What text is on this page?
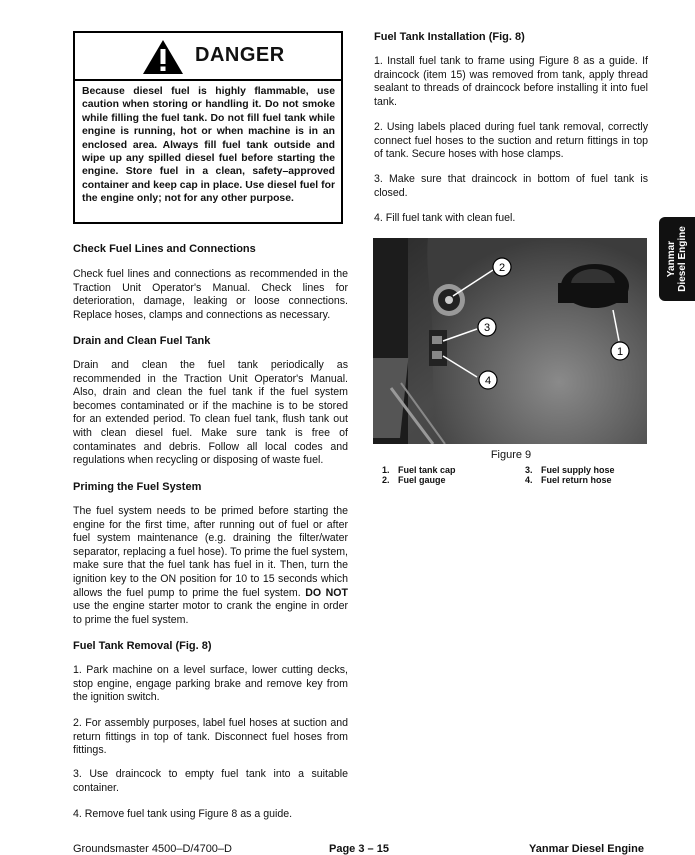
DANGER
Because diesel fuel is highly flammable, use caution when storing or handling it. Do not smoke while filling the fuel tank. Do not fill fuel tank while engine is running, hot or when machine is in an enclosed area. Always fill fuel tank outside and wipe up any spilled diesel fuel before starting the engine. Store fuel in a clean, safety–approved container and keep cap in place. Use diesel fuel for the engine only; not for any other purpose.
Check Fuel Lines and Connections

Check fuel lines and connections as recommended in the Traction Unit Operator's Manual. Check lines for deterioration, damage, leaking or loose connections. Replace hoses, clamps and connections as necessary.

Drain and Clean Fuel Tank

Drain and clean the fuel tank periodically as recommended in the Traction Unit Operator's Manual. Also, drain and clean the fuel tank if the fuel system becomes contaminated or if the machine is to be stored for an extended period. To clean fuel tank, flush tank out with clean diesel fuel. Make sure tank is free of contaminates and debris. Follow all local codes and regulations when recycling or disposing of waste fuel.

Priming the Fuel System

The fuel system needs to be primed before starting the engine for the first time, after running out of fuel or after fuel system maintenance (e.g. draining the filter/water separator, replacing a fuel hose). To prime the fuel system, make sure that the fuel tank has fuel in it. Then, turn the ignition key to the ON position for 10 to 15 seconds which allows the fuel pump to prime the fuel system. DO NOT use the engine starter motor to crank the engine in order to prime the fuel system.

Fuel Tank Removal (Fig. 8)

1. Park machine on a level surface, lower cutting decks, stop engine, engage parking brake and remove key from the ignition switch.

2. For assembly purposes, label fuel hoses at suction and return fittings in top of tank. Disconnect fuel hoses from fittings.

3. Use draincock to empty fuel tank into a suitable container.

4. Remove fuel tank using Figure 8 as a guide.

Fuel Tank Installation (Fig. 8)

1. Install fuel tank to frame using Figure 8 as a guide. If draincock (item 15) was removed from tank, apply thread sealant to threads of draincock before installing it into fuel tank.

2. Using labels placed during fuel tank removal, correctly connect fuel hoses to the suction and return fittings in top of tank. Secure hoses with hose clamps.

3. Make sure that draincock in bottom of fuel tank is closed.

4. Fill fuel tank with clean fuel.

2
3
4
1
Figure 9
1. Fuel tank cap
2. Fuel gauge
3. Fuel supply hose
4. Fuel return hose
Yanmar
Diesel Engine
Groundsmaster 4500–D/4700–D	Page 3 – 15	Yanmar Diesel Engine
